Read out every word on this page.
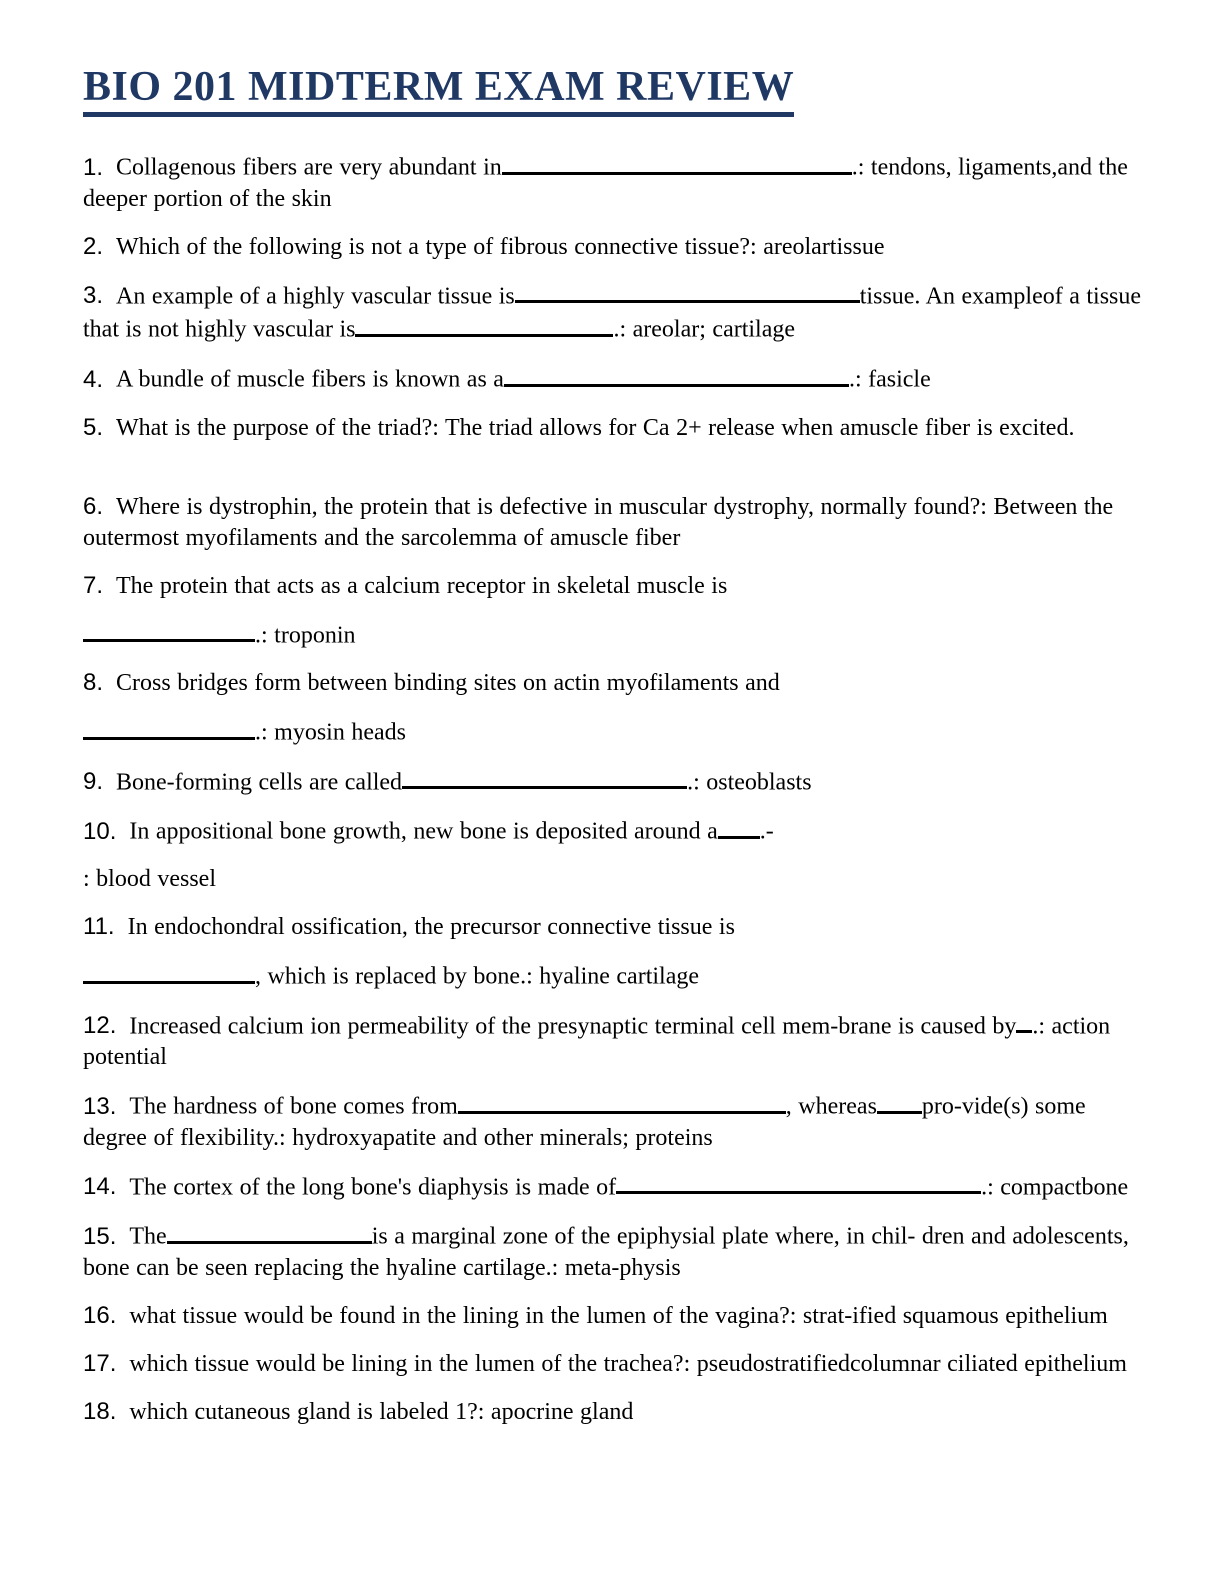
BIO 201 MIDTERM EXAM REVIEW

1. Collagenous fibers are very abundant in	.: tendons, ligaments,and the deeper portion of the skin

2. Which of the following is not a type of fibrous connective tissue?: areolartissue

3. An example of a highly vascular tissue is	tissue. An exampleof a tissue that is not highly vascular is	.: areolar; cartilage

4. A bundle of muscle fibers is known as a	.: fasicle

5. What is the purpose of the triad?: The triad allows for Ca 2+ release when amuscle fiber is excited.

6. Where is dystrophin, the protein that is defective in muscular dystrophy, normally found?: Between the outermost myofilaments and the sarcolemma of amuscle fiber

7. The protein that acts as a calcium receptor in skeletal muscle is

.: troponin

8. Cross bridges form between binding sites on actin myofilaments and

.: myosin heads

9. Bone-forming cells are called	.: osteoblasts

10. In appositional bone growth, new bone is deposited around a .-

: blood vessel

11. In endochondral ossification, the precursor connective tissue is

, which is replaced by bone.: hyaline cartilage

12. Increased calcium ion permeability of the presynaptic terminal cell mem-brane is caused by .: action potential

13. The hardness of bone comes from	, whereas pro-vide(s) some degree of flexibility.: hydroxyapatite and other minerals; proteins

14. The cortex of the long bone's diaphysis is made of	.: compactbone

15. The	is a marginal zone of the epiphysial plate where, in chil- dren and adolescents, bone can be seen replacing the hyaline cartilage.: meta-physis

16. what tissue would be found in the lining in the lumen of the vagina?: strat-ified squamous epithelium

17. which tissue would be lining in the lumen of the trachea?: pseudostratifiedcolumnar ciliated epithelium

18. which cutaneous gland is labeled 1?: apocrine gland
